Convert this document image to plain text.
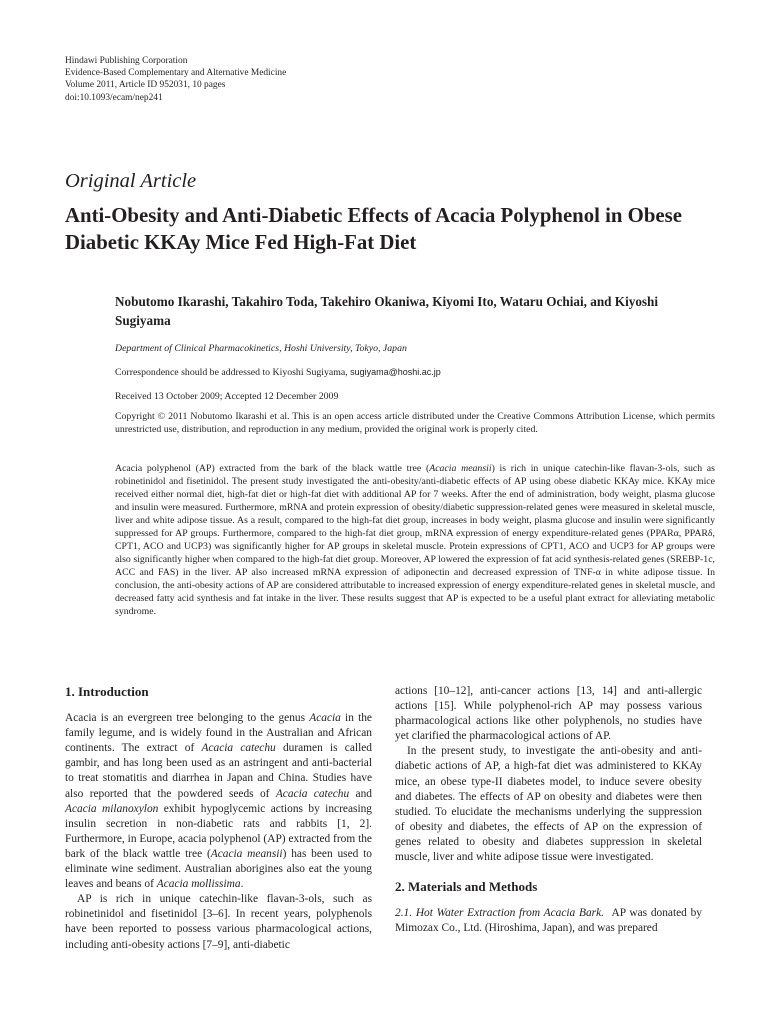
Hindawi Publishing Corporation
Evidence-Based Complementary and Alternative Medicine
Volume 2011, Article ID 952031, 10 pages
doi:10.1093/ecam/nep241
Original Article
Anti-Obesity and Anti-Diabetic Effects of Acacia Polyphenol in Obese Diabetic KKAy Mice Fed High-Fat Diet
Nobutomo Ikarashi, Takahiro Toda, Takehiro Okaniwa, Kiyomi Ito, Wataru Ochiai, and Kiyoshi Sugiyama
Department of Clinical Pharmacokinetics, Hoshi University, Tokyo, Japan
Correspondence should be addressed to Kiyoshi Sugiyama, sugiyama@hoshi.ac.jp
Received 13 October 2009; Accepted 12 December 2009
Copyright © 2011 Nobutomo Ikarashi et al. This is an open access article distributed under the Creative Commons Attribution License, which permits unrestricted use, distribution, and reproduction in any medium, provided the original work is properly cited.
Acacia polyphenol (AP) extracted from the bark of the black wattle tree (Acacia meansii) is rich in unique catechin-like flavan-3-ols, such as robinetinidol and fisetinidol. The present study investigated the anti-obesity/anti-diabetic effects of AP using obese diabetic KKAy mice. KKAy mice received either normal diet, high-fat diet or high-fat diet with additional AP for 7 weeks. After the end of administration, body weight, plasma glucose and insulin were measured. Furthermore, mRNA and protein expression of obesity/diabetic suppression-related genes were measured in skeletal muscle, liver and white adipose tissue. As a result, compared to the high-fat diet group, increases in body weight, plasma glucose and insulin were significantly suppressed for AP groups. Furthermore, compared to the high-fat diet group, mRNA expression of energy expenditure-related genes (PPARα, PPARδ, CPT1, ACO and UCP3) was significantly higher for AP groups in skeletal muscle. Protein expressions of CPT1, ACO and UCP3 for AP groups were also significantly higher when compared to the high-fat diet group. Moreover, AP lowered the expression of fat acid synthesis-related genes (SREBP-1c, ACC and FAS) in the liver. AP also increased mRNA expression of adiponectin and decreased expression of TNF-α in white adipose tissue. In conclusion, the anti-obesity actions of AP are considered attributable to increased expression of energy expenditure-related genes in skeletal muscle, and decreased fatty acid synthesis and fat intake in the liver. These results suggest that AP is expected to be a useful plant extract for alleviating metabolic syndrome.
1. Introduction

Acacia is an evergreen tree belonging to the genus Acacia in the family legume, and is widely found in the Australian and African continents. The extract of Acacia catechu duramen is called gambir, and has long been used as an astringent and anti-bacterial to treat stomatitis and diarrhea in Japan and China. Studies have also reported that the powdered seeds of Acacia catechu and Acacia milanoxylon exhibit hypoglycemic actions by increasing insulin secretion in non-diabetic rats and rabbits [1, 2]. Furthermore, in Europe, acacia polyphenol (AP) extracted from the bark of the black wattle tree (Acacia meansii) has been used to eliminate wine sediment. Australian aborigines also eat the young leaves and beans of Acacia mollissima.

AP is rich in unique catechin-like flavan-3-ols, such as robinetinidol and fisetinidol [3–6]. In recent years, polyphenols have been reported to possess various pharmacological actions, including anti-obesity actions [7–9], anti-diabetic

actions [10–12], anti-cancer actions [13, 14] and anti-allergic actions [15]. While polyphenol-rich AP may possess various pharmacological actions like other polyphenols, no studies have yet clarified the pharmacological actions of AP.

In the present study, to investigate the anti-obesity and anti-diabetic actions of AP, a high-fat diet was administered to KKAy mice, an obese type-II diabetes model, to induce severe obesity and diabetes. The effects of AP on obesity and diabetes were then studied. To elucidate the mechanisms underlying the suppression of obesity and diabetes, the effects of AP on the expression of genes related to obesity and diabetes suppression in skeletal muscle, liver and white adipose tissue were investigated.

2. Materials and Methods

2.1. Hot Water Extraction from Acacia Bark. AP was donated by Mimozax Co., Ltd. (Hiroshima, Japan), and was prepared
